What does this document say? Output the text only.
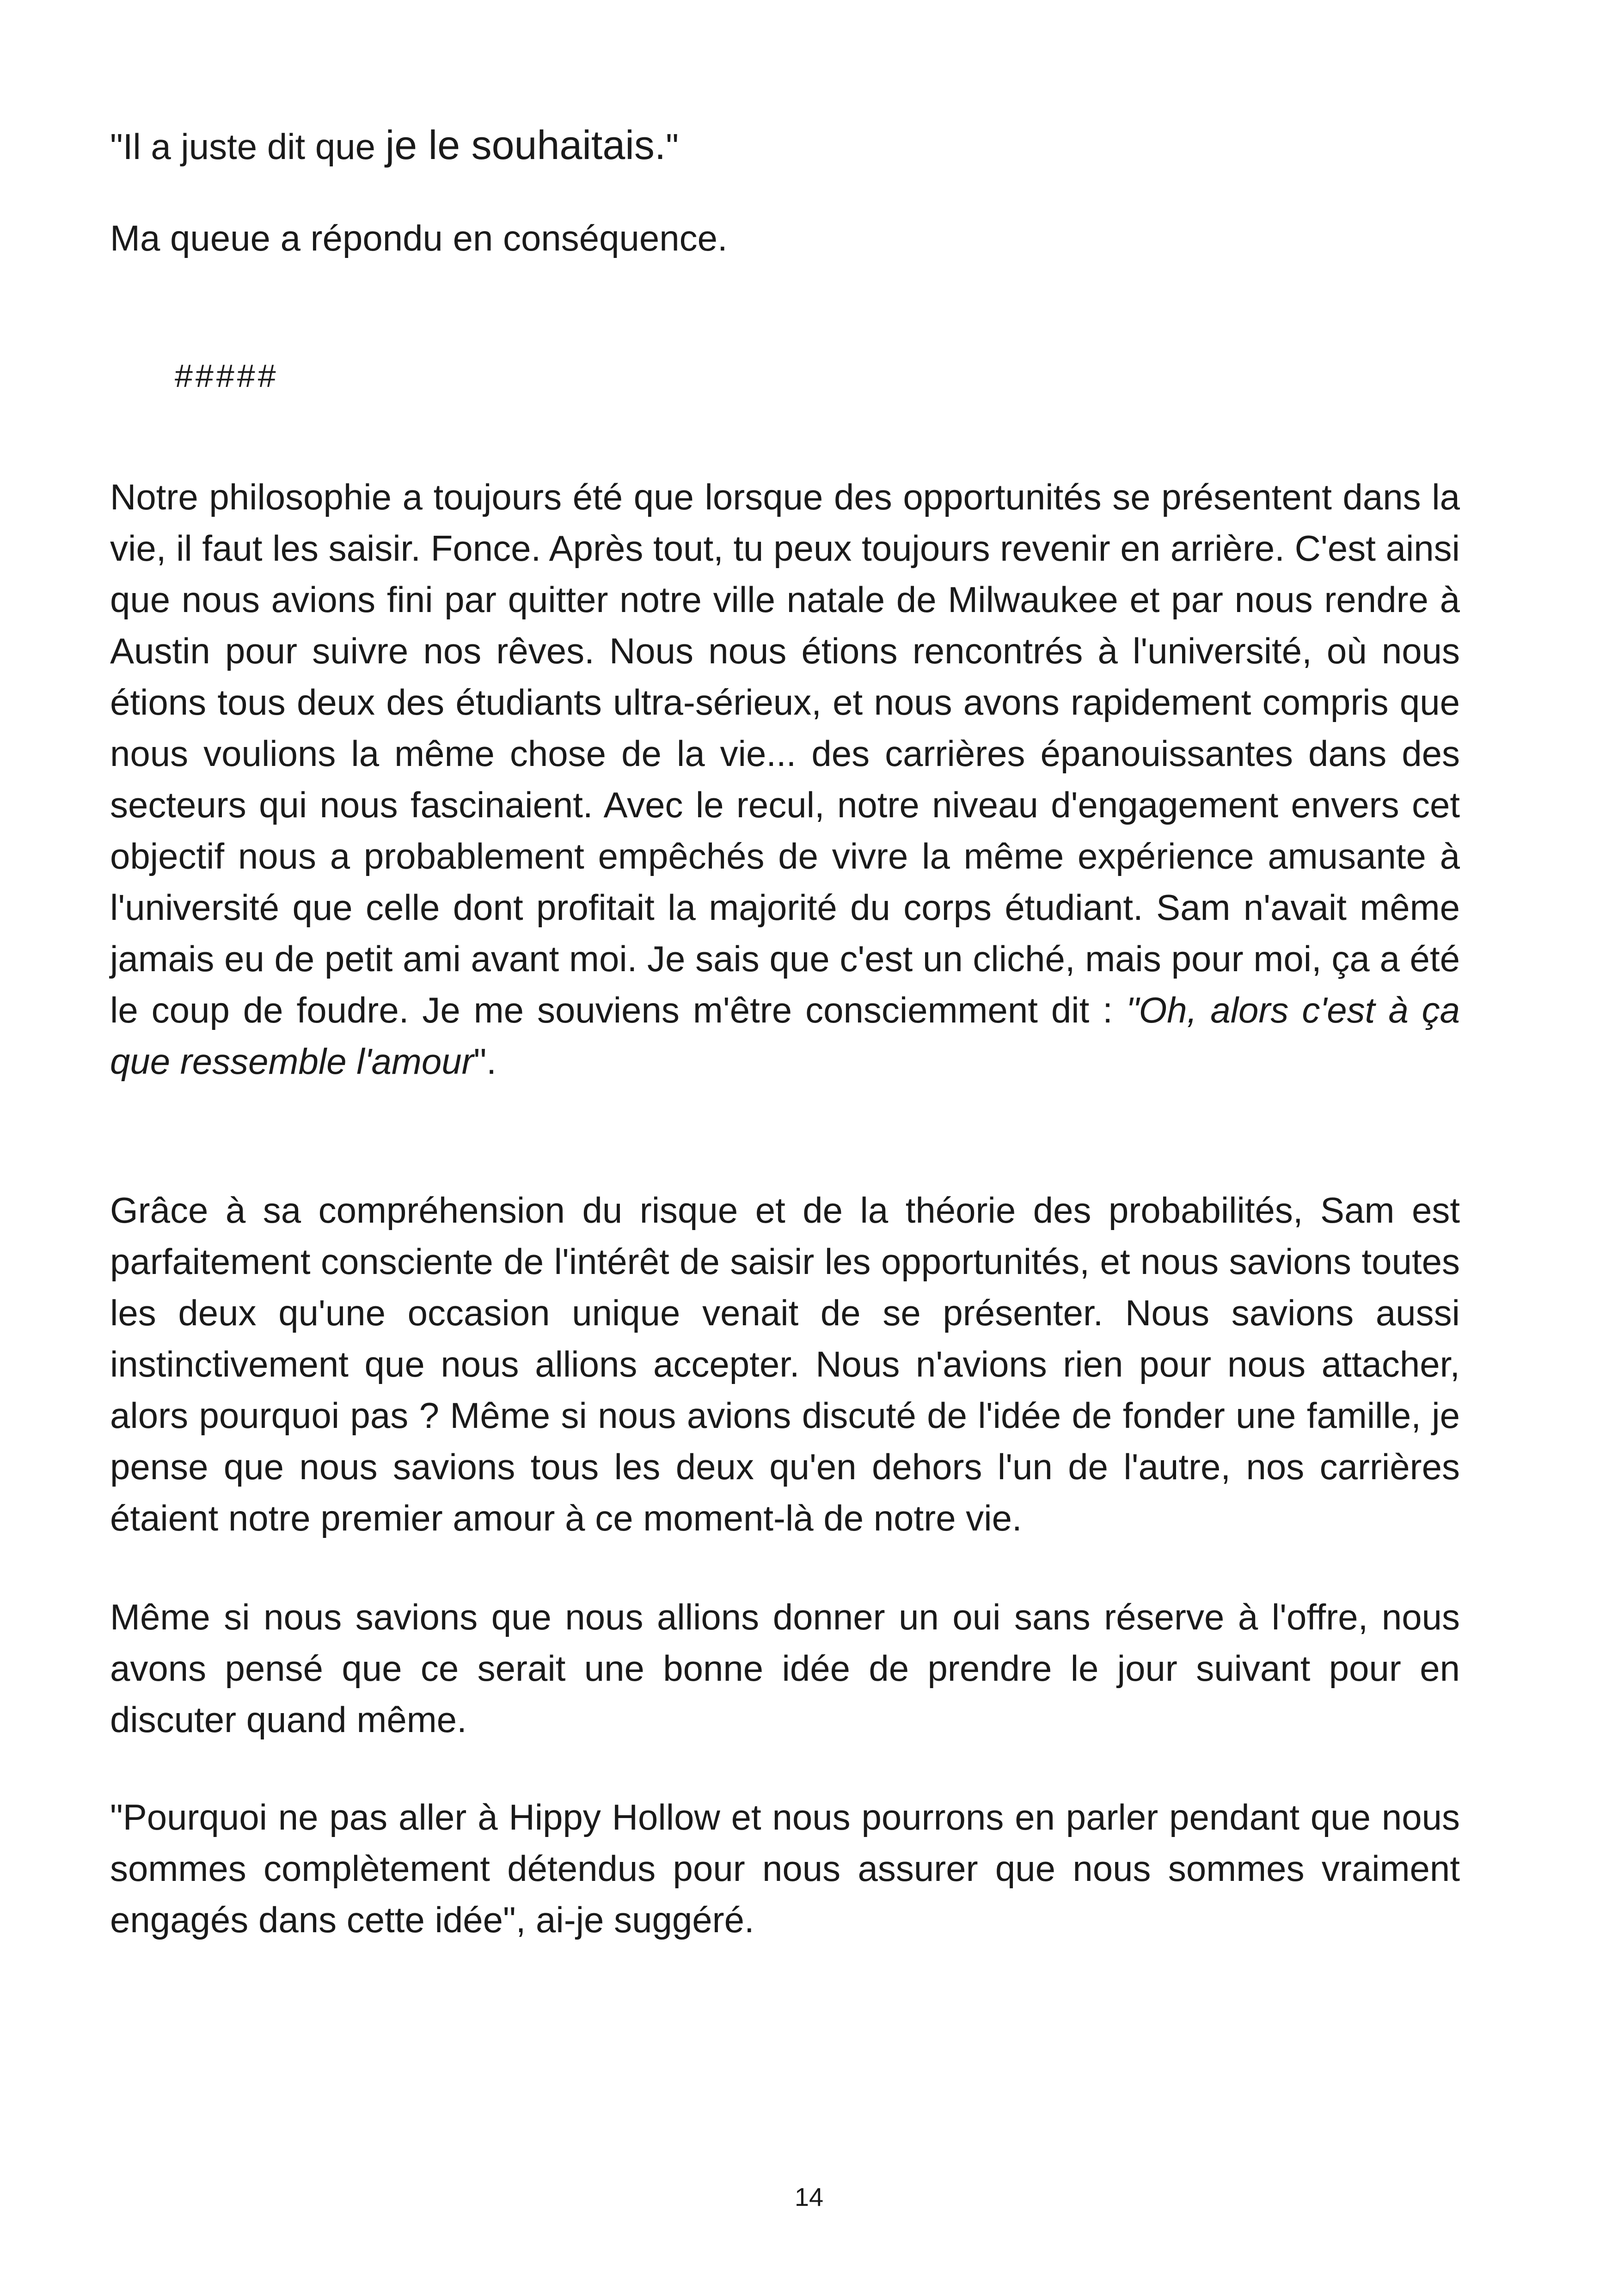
"Il a juste dit que je le souhaitais."

Ma queue a répondu en conséquence.

#####

Notre philosophie a toujours été que lorsque des opportunités se présentent dans la vie, il faut les saisir. Fonce. Après tout, tu peux toujours revenir en arrière. C'est ainsi que nous avions fini par quitter notre ville natale de Milwaukee et par nous rendre à Austin pour suivre nos rêves. Nous nous étions rencontrés à l'université, où nous étions tous deux des étudiants ultra-sérieux, et nous avons rapidement compris que nous voulions la même chose de la vie... des carrières épanouissantes dans des secteurs qui nous fascinaient. Avec le recul, notre niveau d'engagement envers cet objectif nous a probablement empêchés de vivre la même expérience amusante à l'université que celle dont profitait la majorité du corps étudiant. Sam n'avait même jamais eu de petit ami avant moi. Je sais que c'est un cliché, mais pour moi, ça a été le coup de foudre. Je me souviens m'être consciemment dit : "Oh, alors c'est à ça que ressemble l'amour".

Grâce à sa compréhension du risque et de la théorie des probabilités, Sam est parfaitement consciente de l'intérêt de saisir les opportunités, et nous savions toutes les deux qu'une occasion unique venait de se présenter. Nous savions aussi instinctivement que nous allions accepter. Nous n'avions rien pour nous attacher, alors pourquoi pas ? Même si nous avions discuté de l'idée de fonder une famille, je pense que nous savions tous les deux qu'en dehors l'un de l'autre, nos carrières étaient notre premier amour à ce moment-là de notre vie.

Même si nous savions que nous allions donner un oui sans réserve à l'offre, nous avons pensé que ce serait une bonne idée de prendre le jour suivant pour en discuter quand même.

"Pourquoi ne pas aller à Hippy Hollow et nous pourrons en parler pendant que nous sommes complètement détendus pour nous assurer que nous sommes vraiment engagés dans cette idée", ai-je suggéré.

14
